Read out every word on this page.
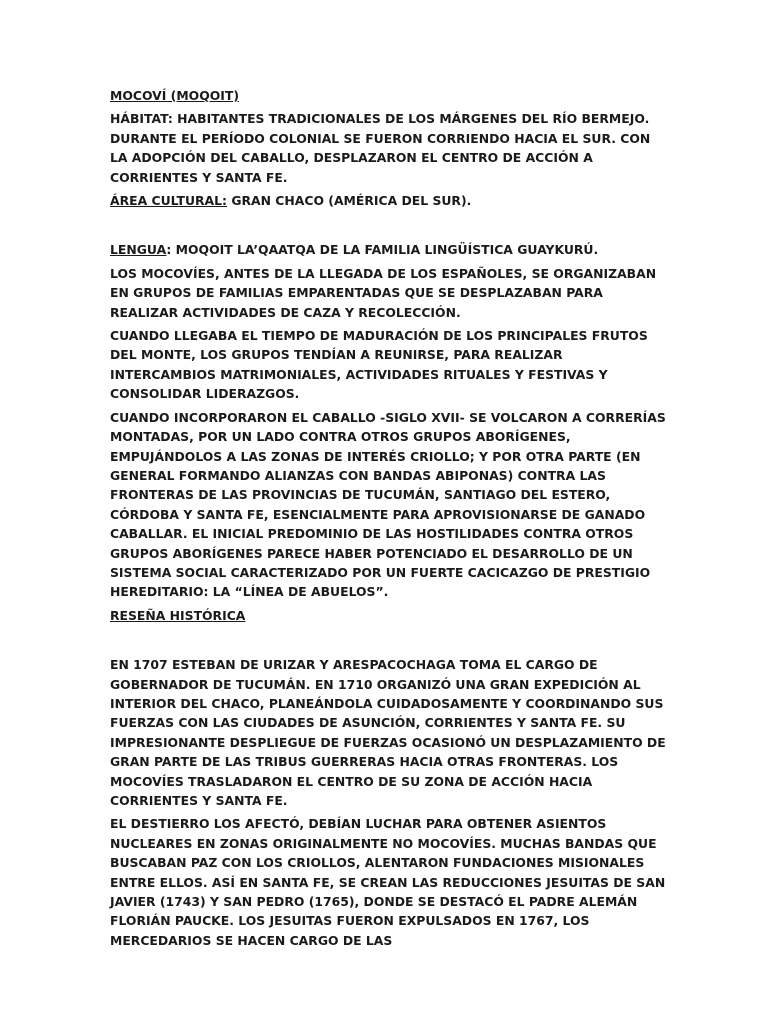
MOCOVÍ (MOQOIT)

HÁBITAT: HABITANTES TRADICIONALES DE LOS MÁRGENES DEL RÍO BERMEJO. DURANTE EL PERÍODO COLONIAL SE FUERON CORRIENDO HACIA EL SUR. CON LA ADOPCIÓN DEL CABALLO, DESPLAZARON EL CENTRO DE ACCIÓN A CORRIENTES Y SANTA FE.

ÁREA CULTURAL: GRAN CHACO (AMÉRICA DEL SUR).

LENGUA: MOQOIT LA’QAATQA DE LA FAMILIA LINGÜÍSTICA GUAYKURÚ.

LOS MOCOVÍES, ANTES DE LA LLEGADA DE LOS ESPAÑOLES, SE ORGANIZABAN EN GRUPOS DE FAMILIAS EMPARENTADAS QUE SE DESPLAZABAN PARA REALIZAR ACTIVIDADES DE CAZA Y RECOLECCIÓN.

CUANDO LLEGABA EL TIEMPO DE MADURACIÓN DE LOS PRINCIPALES FRUTOS DEL MONTE, LOS GRUPOS TENDÍAN A REUNIRSE, PARA REALIZAR INTERCAMBIOS MATRIMONIALES, ACTIVIDADES RITUALES Y FESTIVAS Y CONSOLIDAR LIDERAZGOS.

CUANDO INCORPORARON EL CABALLO -SIGLO XVII- SE VOLCARON A CORRERÍAS MONTADAS, POR UN LADO CONTRA OTROS GRUPOS ABORÍGENES, EMPUJÁNDOLOS A LAS ZONAS DE INTERÉS CRIOLLO; Y POR OTRA PARTE (EN GENERAL FORMANDO ALIANZAS CON BANDAS ABIPONAS) CONTRA LAS FRONTERAS DE LAS PROVINCIAS DE TUCUMÁN, SANTIAGO DEL ESTERO, CÓRDOBA Y SANTA FE, ESENCIALMENTE PARA APROVISIONARSE DE GANADO CABALLAR. EL INICIAL PREDOMINIO DE LAS HOSTILIDADES CONTRA OTROS GRUPOS ABORÍGENES PARECE HABER POTENCIADO EL DESARROLLO DE UN SISTEMA SOCIAL CARACTERIZADO POR UN FUERTE CACICAZGO DE PRESTIGIO HEREDITARIO: LA “LÍNEA DE ABUELOS”.

RESEÑA HISTÓRICA

EN 1707 ESTEBAN DE URIZAR Y ARESPACOCHAGA TOMA EL CARGO DE GOBERNADOR DE TUCUMÁN. EN 1710 ORGANIZÓ UNA GRAN EXPEDICIÓN AL INTERIOR DEL CHACO, PLANEÁNDOLA CUIDADOSAMENTE Y COORDINANDO SUS FUERZAS CON LAS CIUDADES DE ASUNCIÓN, CORRIENTES Y SANTA FE. SU IMPRESIONANTE DESPLIEGUE DE FUERZAS OCASIONÓ UN DESPLAZAMIENTO DE GRAN PARTE DE LAS TRIBUS GUERRERAS HACIA OTRAS FRONTERAS. LOS MOCOVÍES TRASLADARON EL CENTRO DE SU ZONA DE ACCIÓN HACIA CORRIENTES Y SANTA FE.

EL DESTIERRO LOS AFECTÓ, DEBÍAN LUCHAR PARA OBTENER ASIENTOS NUCLEARES EN ZONAS ORIGINALMENTE NO MOCOVÍES. MUCHAS BANDAS QUE BUSCABAN PAZ CON LOS CRIOLLOS, ALENTARON FUNDACIONES MISIONALES ENTRE ELLOS. ASÍ EN SANTA FE, SE CREAN LAS REDUCCIONES JESUITAS DE SAN JAVIER (1743) Y SAN PEDRO (1765), DONDE SE DESTACÓ EL PADRE ALEMÁN FLORIÁN PAUCKE. LOS JESUITAS FUERON EXPULSADOS EN 1767, LOS MERCEDARIOS SE HACEN CARGO DE LAS
